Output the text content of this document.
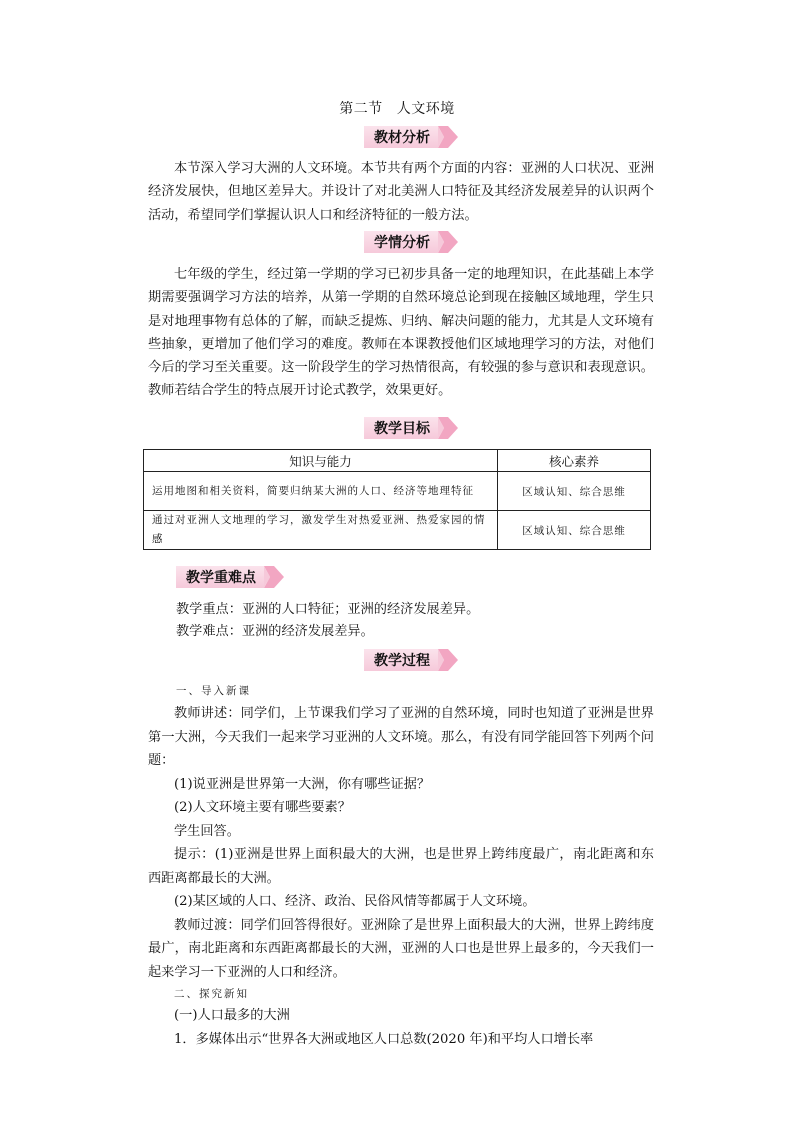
第二节 人文环境
教材分析
本节深入学习大洲的人文环境。本节共有两个方面的内容：亚洲的人口状况、亚洲经济发展快，但地区差异大。并设计了对北美洲人口特征及其经济发展差异的认识两个活动，希望同学们掌握认识人口和经济特征的一般方法。
学情分析
七年级的学生，经过第一学期的学习已初步具备一定的地理知识，在此基础上本学期需要强调学习方法的培养，从第一学期的自然环境总论到现在接触区域地理，学生只是对地理事物有总体的了解，而缺乏提炼、归纳、解决问题的能力，尤其是人文环境有些抽象，更增加了他们学习的难度。教师在本课教授他们区域地理学习的方法，对他们今后的学习至关重要。这一阶段学生的学习热情很高，有较强的参与意识和表现意识。教师若结合学生的特点展开讨论式教学，效果更好。
教学目标
知识与能力	核心素养
运用地图和相关资料，简要归纳某大洲的人口、经济等地理特征	区域认知、综合思维
通过对亚洲人文地理的学习，激发学生对热爱亚洲、热爱家园的情感	区域认知、综合思维
教学重难点
教学重点：亚洲的人口特征；亚洲的经济发展差异。
教学难点：亚洲的经济发展差异。
教学过程
一、导入新课

教师讲述：同学们，上节课我们学习了亚洲的自然环境，同时也知道了亚洲是世界第一大洲，今天我们一起来学习亚洲的人文环境。那么，有没有同学能回答下列两个问题：

(1)说亚洲是世界第一大洲，你有哪些证据？

(2)人文环境主要有哪些要素？

学生回答。

提示：(1)亚洲是世界上面积最大的大洲，也是世界上跨纬度最广，南北距离和东西距离都最长的大洲。

(2)某区域的人口、经济、政治、民俗风情等都属于人文环境。

教师过渡：同学们回答得很好。亚洲除了是世界上面积最大的大洲，世界上跨纬度最广，南北距离和东西距离都最长的大洲，亚洲的人口也是世界上最多的，今天我们一起来学习一下亚洲的人口和经济。

二、探究新知

(一)人口最多的大洲

1．多媒体出示“世界各大洲或地区人口总数(2020 年)和平均人口增长率
